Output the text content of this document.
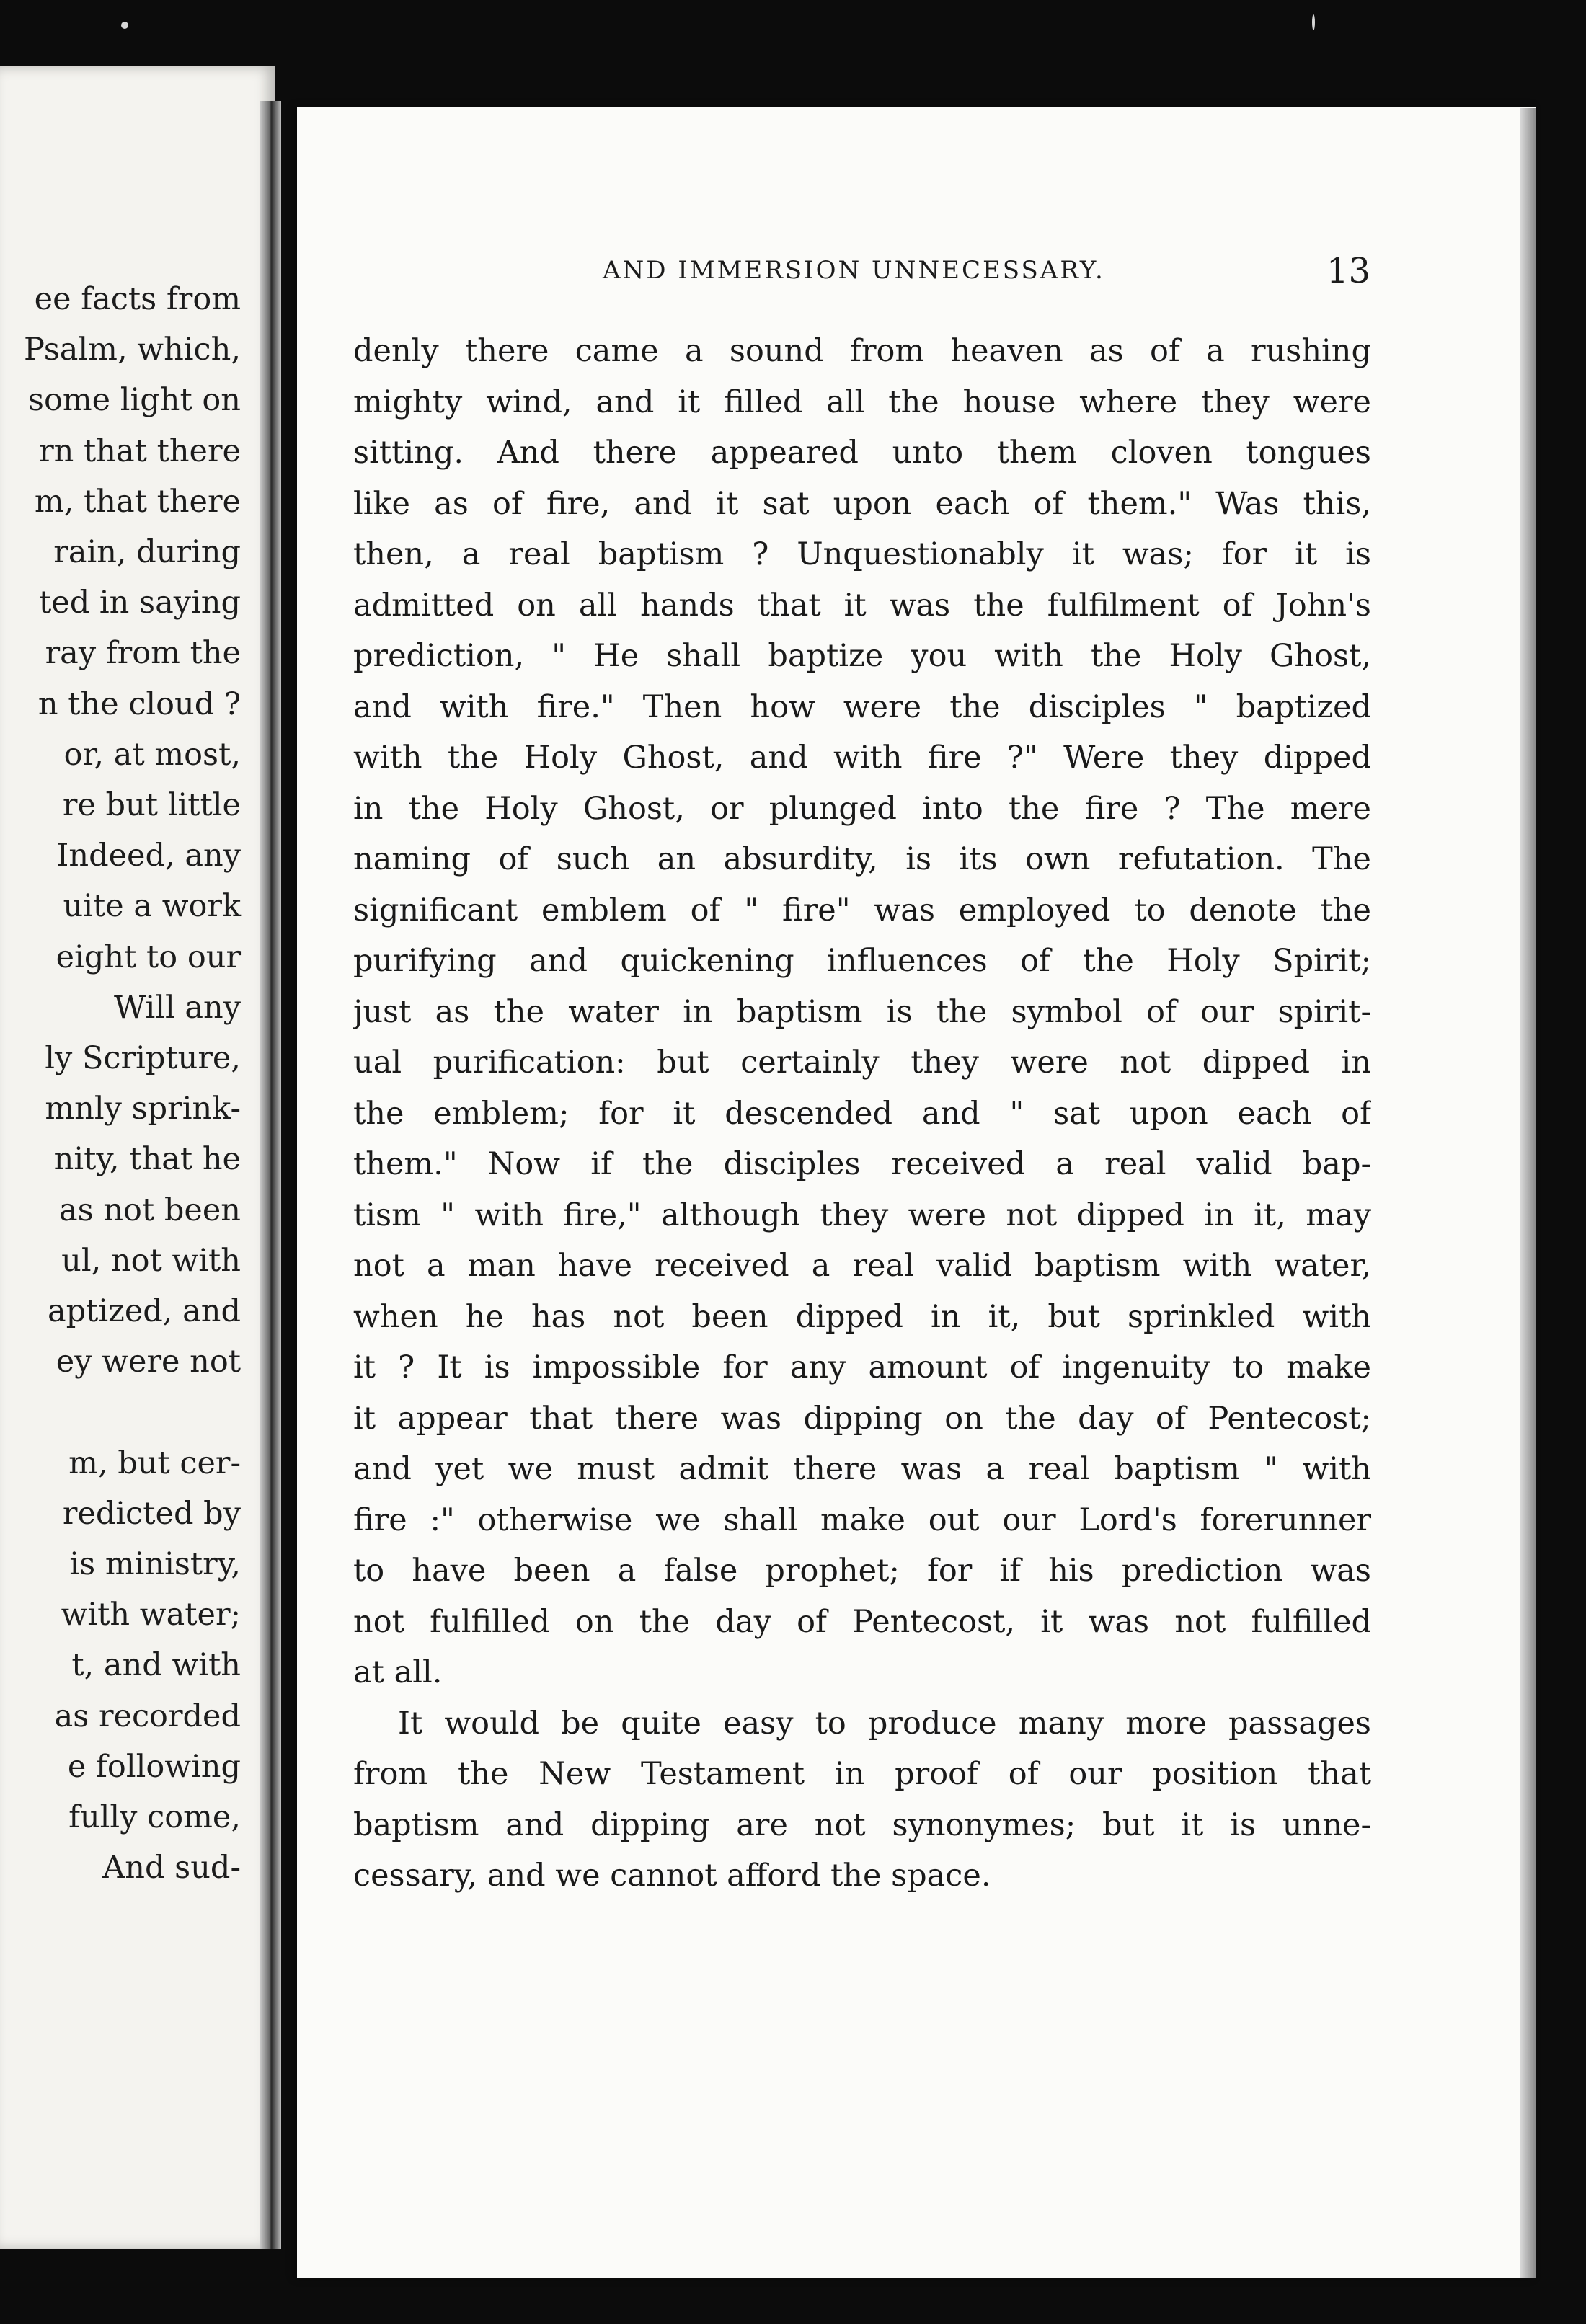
ee facts from
Psalm, which,
some light on
rn that there
m, that there
rain, during
ted in saying
ray from the
n the cloud ?
or, at most,
re but little
Indeed, any
uite a work
eight to our
Will any
ly Scripture,
mnly sprink-
nity, that he
as not been
ul, not with
aptized, and
ey were not
m, but cer-
redicted by
is ministry,
with water;
t, and with
as recorded
e following
fully come,
And sud-
AND IMMERSION UNNECESSARY.	13
denly there came a sound from heaven as of a rushing
mighty wind, and it filled all the house where they were
sitting. And there appeared unto them cloven tongues
like as of fire, and it sat upon each of them." Was this,
then, a real baptism ? Unquestionably it was; for it is
admitted on all hands that it was the fulfilment of John's
prediction, " He shall baptize you with the Holy Ghost,
and with fire." Then how were the disciples " baptized
with the Holy Ghost, and with fire ?" Were they dipped
in the Holy Ghost, or plunged into the fire ? The mere
naming of such an absurdity, is its own refutation. The
significant emblem of " fire" was employed to denote the
purifying and quickening influences of the Holy Spirit;
just as the water in baptism is the symbol of our spirit-
ual purification: but certainly they were not dipped in
the emblem; for it descended and " sat upon each of
them." Now if the disciples received a real valid bap-
tism " with fire," although they were not dipped in it, may
not a man have received a real valid baptism with water,
when he has not been dipped in it, but sprinkled with
it ? It is impossible for any amount of ingenuity to make
it appear that there was dipping on the day of Pentecost;
and yet we must admit there was a real baptism " with
fire :" otherwise we shall make out our Lord's forerunner
to have been a false prophet; for if his prediction was
not fulfilled on the day of Pentecost, it was not fulfilled
at all.
It would be quite easy to produce many more passages
from the New Testament in proof of our position that
baptism and dipping are not synonymes; but it is unne-
cessary, and we cannot afford the space.
